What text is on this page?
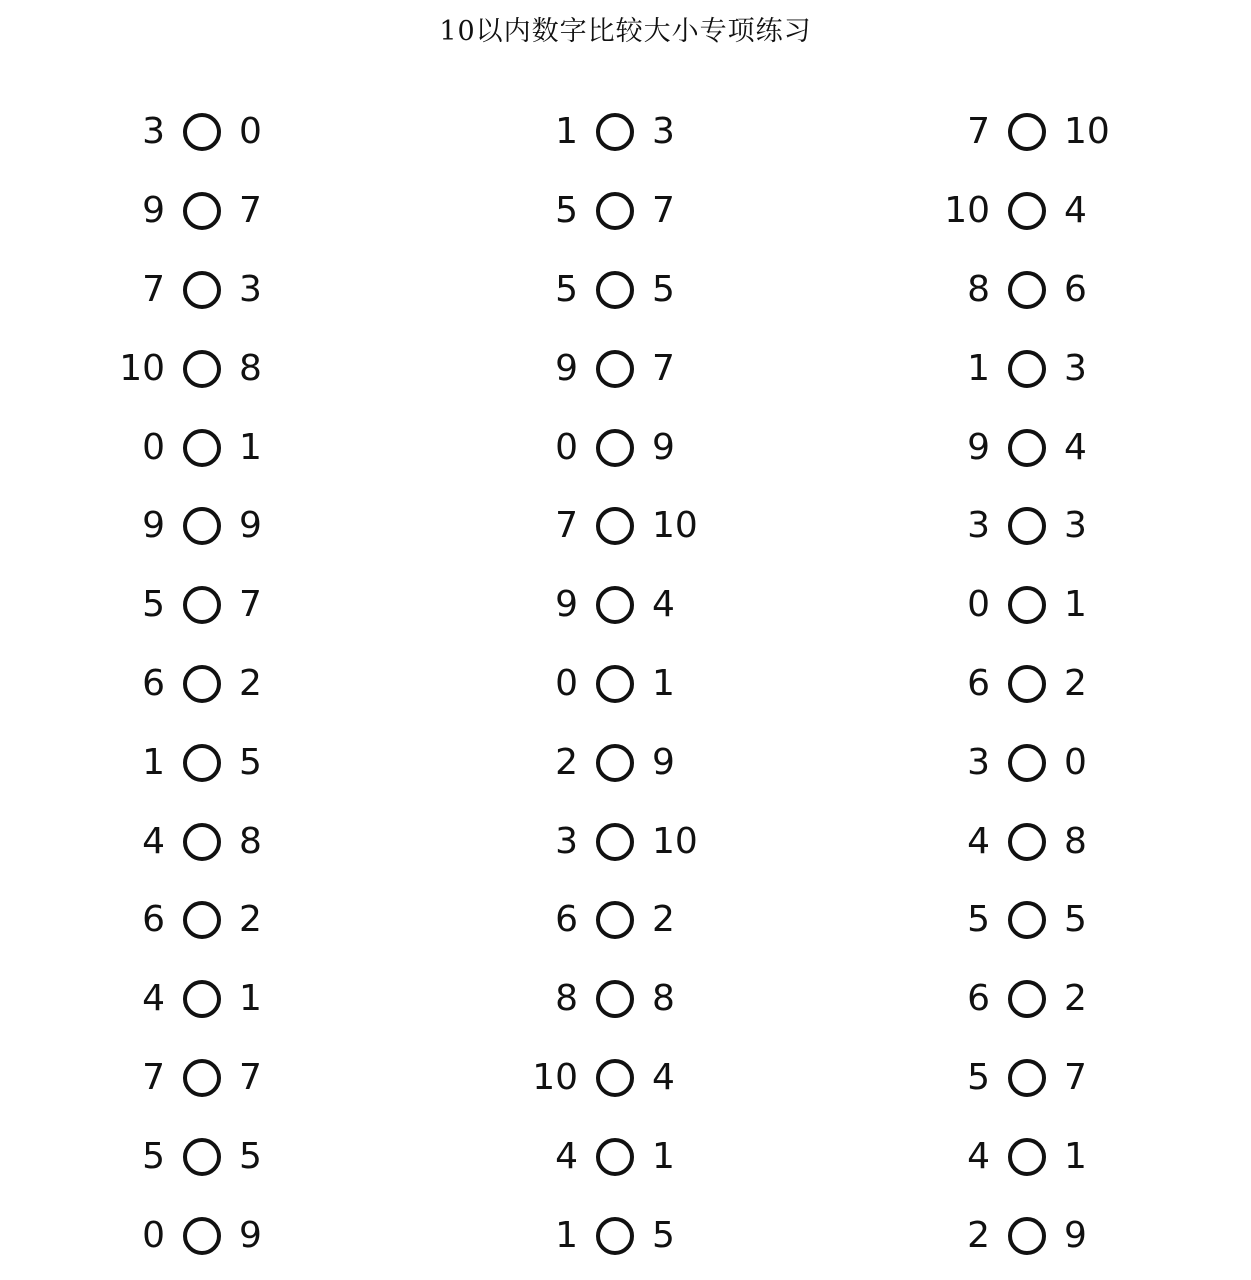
10以内数字比较大小专项练习
3 0
9 7
7 3
10 8
0 1
9 9
5 7
6 2
1 5
4 8
6 2
4 1
7 7
5 5
0 9
1 3
5 7
5 5
9 7
0 9
7 10
9 4
0 1
2 9
3 10
6 2
8 8
10 4
4 1
1 5
7 10
10 4
8 6
1 3
9 4
3 3
0 1
6 2
3 0
4 8
5 5
6 2
5 7
4 1
2 9
